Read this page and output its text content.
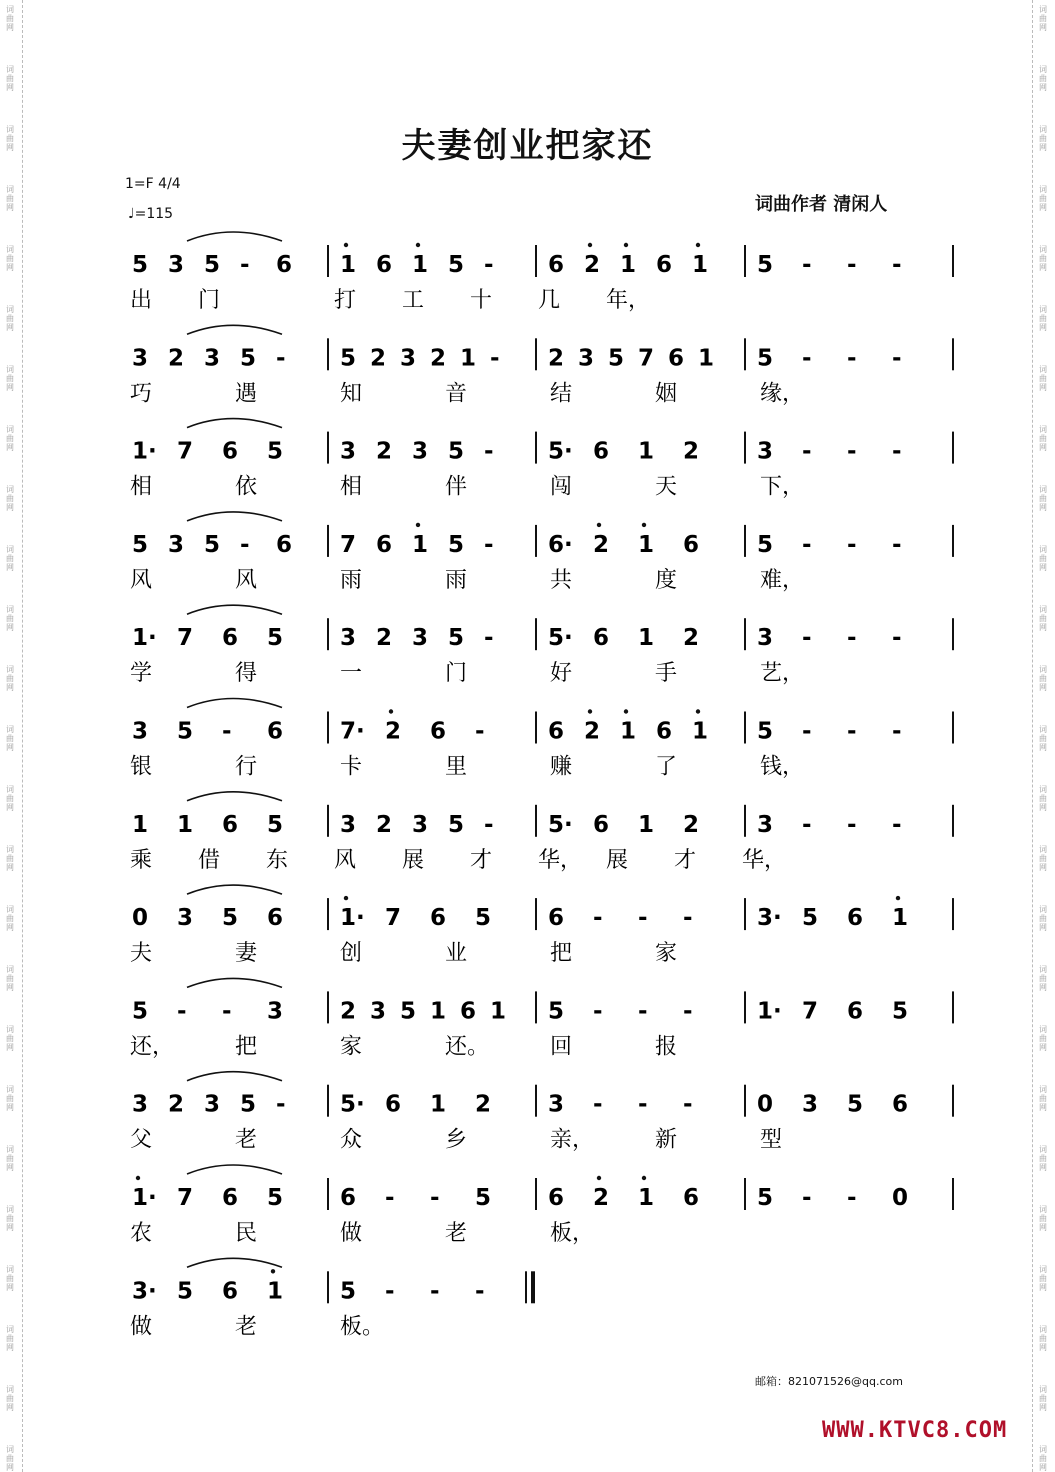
词曲网
词曲网
词曲网
词曲网
词曲网
词曲网
词曲网
词曲网
词曲网
词曲网
词曲网
词曲网
词曲网
词曲网
词曲网
词曲网
词曲网
词曲网
词曲网
词曲网
词曲网
词曲网
词曲网
词曲网
词曲网
词曲网
词曲网
词曲网
词曲网
词曲网
词曲网
词曲网
词曲网
词曲网
词曲网
词曲网
词曲网
词曲网
词曲网
词曲网
词曲网
词曲网
词曲网
词曲网
词曲网
词曲网
词曲网
词曲网
词曲网
词曲网
夫妻创业把家还
1=F 4/4
♩=115	词曲作者 清闲人
5 3 5 - 6 1 6 1 5 - 6 2 1 6 1 5 - - -
出 门	打 工 十 几 年，
3 2 3 5 - 5 2 3 2 1 - 2 3 5 7 6 1 5 - - -
巧	遇	知	音	结	姻	缘，
1· 7 6 5 3 2 3 5 - 5· 6 1 2	3 - - -
相	依	相	伴	闯	天	下，
5 3 5 - 6 7 6 1 5 - 6· 2 1 6	5 - - -
风	风	雨	雨	共	度	难，
1· 7 6 5 3 2 3 5 - 5· 6 1 2	3 - - -
学	得	一	门	好	手	艺，
3 5 - 6 7· 2 6 -	6 2 1 6 1 5 - - -
银	行	卡	里	赚	了	钱，
1 1 6 5 3 2 3 5 - 5· 6 1 2	3 - - -
乘 借 东 风 展 才 华， 展 才 华，
0 3 5 6 1· 7 6 5 6 - - -	3· 5 6 1
夫	妻	创	业	把	家
5 - - 3 2 3 5 1 6 1 5 - - -	1· 7 6 5
还，	把	家	还。	回	报
3 2 3 5 - 5· 6 1 2 3 - - -	0 3 5 6
父	老	众	乡	亲，	新	型
1· 7 6 5 6 - - 5 6 2 1 6	5 - - 0
农	民	做	老	板，
3· 5 6 1 5 - - -
做	老	板。
邮箱：821071526@qq.com
WWW.KTVC8.COM
